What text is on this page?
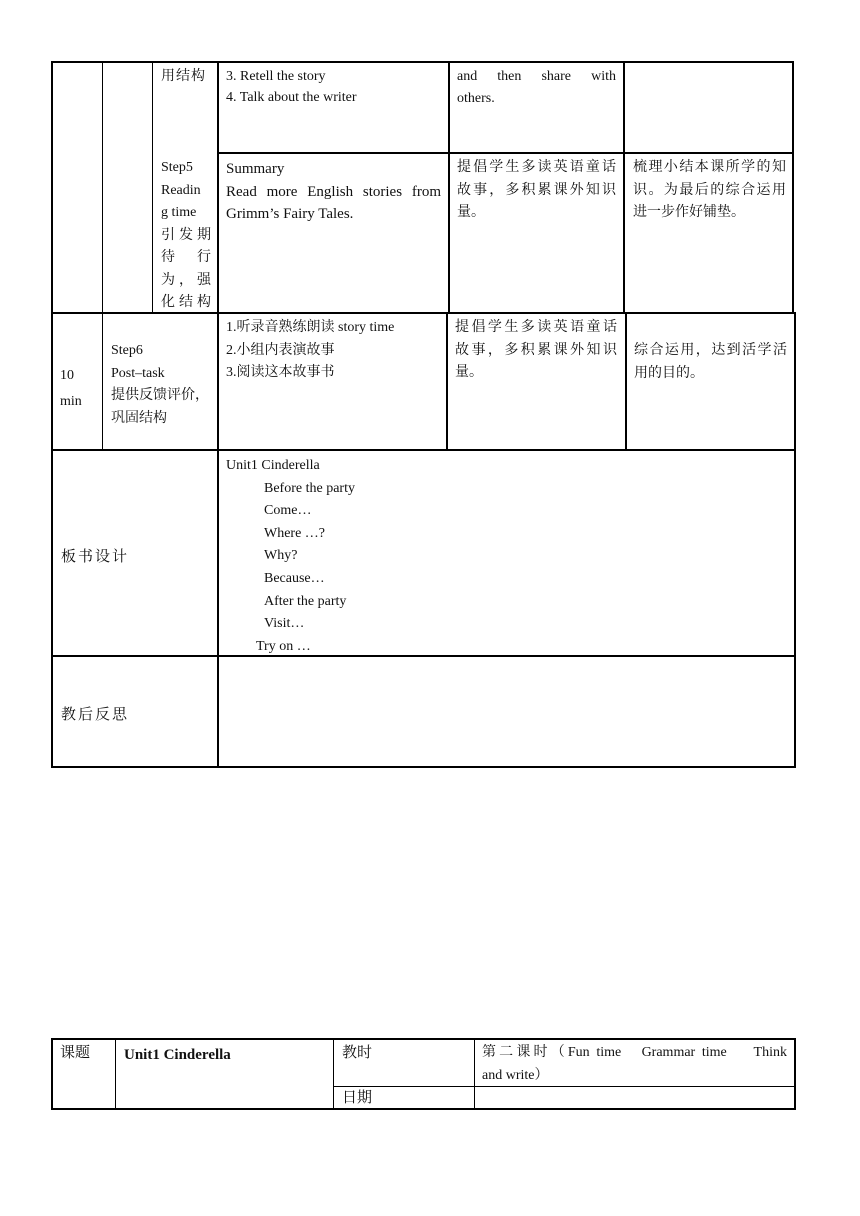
用结构 3. Retell the story
4. Talk about the writer
and then share with
others.
Step5
Readin
g time
引发期
待　行
为，强
化结构
Summary
Read more English stories from
Grimm’s Fairy Tales.
提倡学生多读英语童话
故事，多积累课外知识
量。
梳理小结本课所学的知
识。为最后的综合运用
进一步作好铺垫。
10
min
Step6
Post–task
提供反馈评价，
巩固结构
1.听录音熟练朗读 story time
2.小组内表演故事
3.阅读这本故事书
提倡学生多读英语童话
故事，多积累课外知识
量。
综合运用，达到活学活
用的目的。
板书设计
Unit1 Cinderella
Before the party
Come…
Where …?
Why?
Because…
After the party
Visit…
Try on …
教后反思
课题 Unit1 Cinderella	教时	第二课时（Fun time　Grammar time　 Think
and write）
日期
